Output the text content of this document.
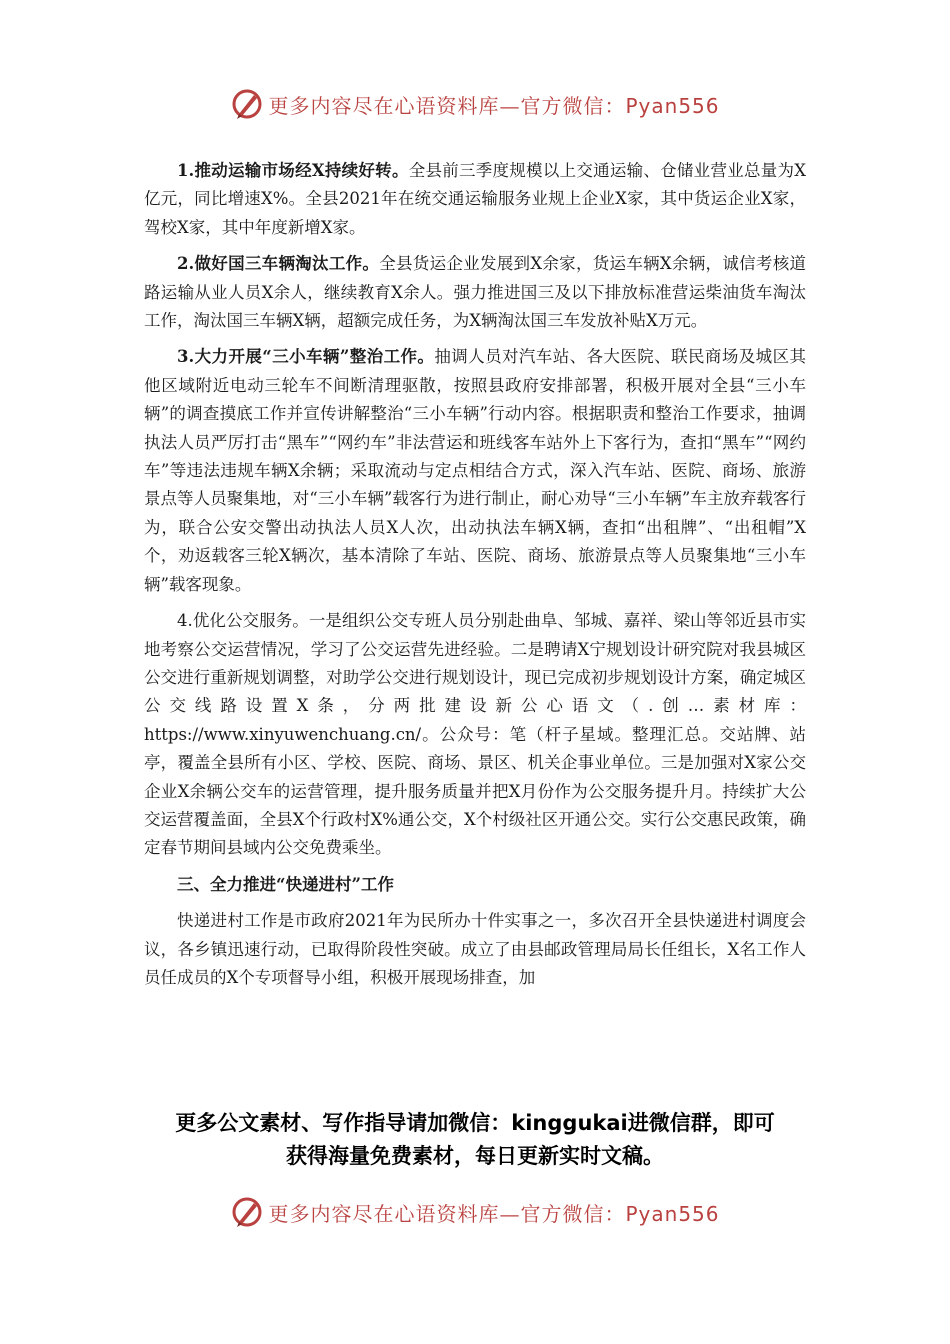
更多内容尽在心语资料库—官方微信：Pyan556

1.推动运输市场经X持续好转。全县前三季度规模以上交通运输、仓储业营业总量为X亿元，同比增速X%。全县2021年在统交通运输服务业规上企业X家，其中货运企业X家，驾校X家，其中年度新增X家。

2.做好国三车辆淘汰工作。全县货运企业发展到X余家，货运车辆X余辆，诚信考核道路运输从业人员X余人，继续教育X余人。强力推进国三及以下排放标准营运柴油货车淘汰工作，淘汰国三车辆X辆，超额完成任务，为X辆淘汰国三车发放补贴X万元。

3.大力开展“三小车辆”整治工作。抽调人员对汽车站、各大医院、联民商场及城区其他区域附近电动三轮车不间断清理驱散，按照县政府安排部署，积极开展对全县“三小车辆”的调查摸底工作并宣传讲解整治“三小车辆”行动内容。根据职责和整治工作要求，抽调执法人员严厉打击“黑车”“网约车”非法营运和班线客车站外上下客行为，查扣“黑车”“网约车”等违法违规车辆X余辆；采取流动与定点相结合方式，深入汽车站、医院、商场、旅游景点等人员聚集地，对“三小车辆”载客行为进行制止，耐心劝导“三小车辆”车主放弃载客行为，联合公安交警出动执法人员X人次，出动执法车辆X辆，查扣“出租牌”、“出租帽”X个，劝返载客三轮X辆次，基本清除了车站、医院、商场、旅游景点等人员聚集地“三小车辆”载客现象。

4.优化公交服务。一是组织公交专班人员分别赴曲阜、邹城、嘉祥、梁山等邻近县市实地考察公交运营情况，学习了公交运营先进经验。二是聘请X宁规划设计研究院对我县城区公交进行重新规划调整，对助学公交进行规划设计，现已完成初步规划设计方案，确定城区公交线路设置X条，分两批建设新公心语文（.创…素材库：https://www.xinyuwenchuang.cn/。公众号：笔（杆子星域。整理汇总。交站牌、站亭，覆盖全县所有小区、学校、医院、商场、景区、机关企事业单位。三是加强对X家公交企业X余辆公交车的运营管理，提升服务质量并把X月份作为公交服务提升月。持续扩大公交运营覆盖面，全县X个行政村X%通公交，X个村级社区开通公交。实行公交惠民政策，确定春节期间县域内公交免费乘坐。

三、全力推进“快递进村”工作

快递进村工作是市政府2021年为民所办十件实事之一，多次召开全县快递进村调度会议，各乡镇迅速行动，已取得阶段性突破。成立了由县邮政管理局局长任组长，X名工作人员任成员的X个专项督导小组，积极开展现场排查，加

更多公文素材、写作指导请加微信：kinggukai进微信群，即可
获得海量免费素材，每日更新实时文稿。
更多内容尽在心语资料库—官方微信：Pyan556
